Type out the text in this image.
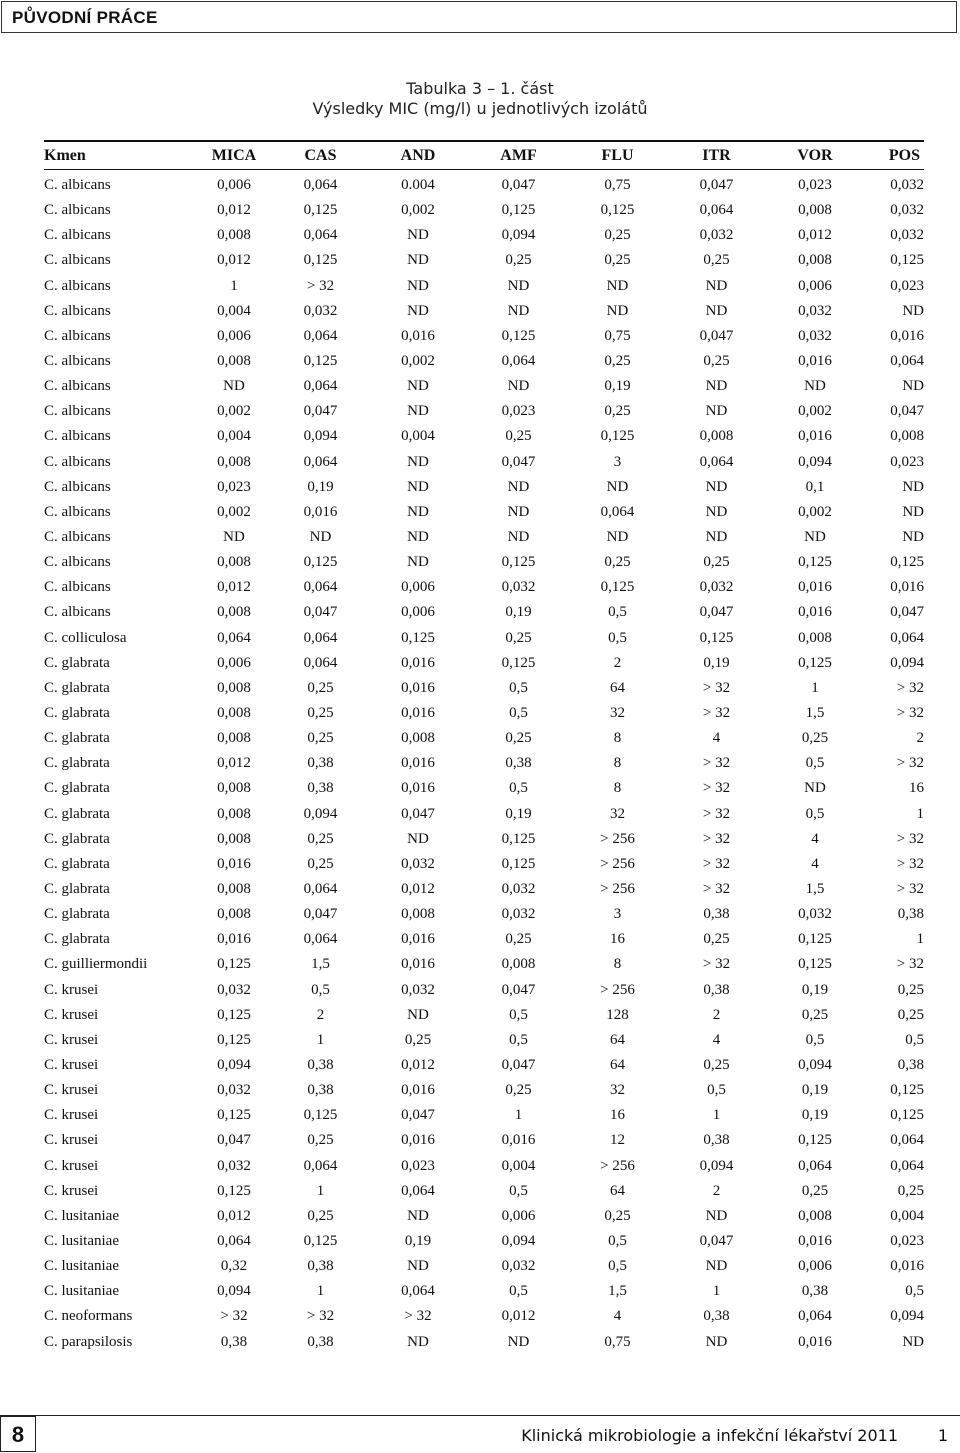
PŮVODNÍ PRÁCE
Tabulka 3 – 1. část
Výsledky MIC (mg/l) u jednotlivých izolátů
Kmen	MICA	CAS	AND	AMF	FLU	ITR	VOR	POS
C. albicans	0,006	0,064	0.004	0,047	0,75	0,047	0,023	0,032
C. albicans	0,012	0,125	0,002	0,125	0,125	0,064	0,008	0,032
C. albicans	0,008	0,064	ND	0,094	0,25	0,032	0,012	0,032
C. albicans	0,012	0,125	ND	0,25	0,25	0,25	0,008	0,125
C. albicans	1	> 32	ND	ND	ND	ND	0,006	0,023
C. albicans	0,004	0,032	ND	ND	ND	ND	0,032	ND
C. albicans	0,006	0,064	0,016	0,125	0,75	0,047	0,032	0,016
C. albicans	0,008	0,125	0,002	0,064	0,25	0,25	0,016	0,064
C. albicans	ND	0,064	ND	ND	0,19	ND	ND	ND
C. albicans	0,002	0,047	ND	0,023	0,25	ND	0,002	0,047
C. albicans	0,004	0,094	0,004	0,25	0,125	0,008	0,016	0,008
C. albicans	0,008	0,064	ND	0,047	3	0,064	0,094	0,023
C. albicans	0,023	0,19	ND	ND	ND	ND	0,1	ND
C. albicans	0,002	0,016	ND	ND	0,064	ND	0,002	ND
C. albicans	ND	ND	ND	ND	ND	ND	ND	ND
C. albicans	0,008	0,125	ND	0,125	0,25	0,25	0,125	0,125
C. albicans	0,012	0,064	0,006	0,032	0,125	0,032	0,016	0,016
C. albicans	0,008	0,047	0,006	0,19	0,5	0,047	0,016	0,047
C. colliculosa	0,064	0,064	0,125	0,25	0,5	0,125	0,008	0,064
C. glabrata	0,006	0,064	0,016	0,125	2	0,19	0,125	0,094
C. glabrata	0,008	0,25	0,016	0,5	64	> 32	1	> 32
C. glabrata	0,008	0,25	0,016	0,5	32	> 32	1,5	> 32
C. glabrata	0,008	0,25	0,008	0,25	8	4	0,25	2
C. glabrata	0,012	0,38	0,016	0,38	8	> 32	0,5	> 32
C. glabrata	0,008	0,38	0,016	0,5	8	> 32	ND	16
C. glabrata	0,008	0,094	0,047	0,19	32	> 32	0,5	1
C. glabrata	0,008	0,25	ND	0,125	> 256	> 32	4	> 32
C. glabrata	0,016	0,25	0,032	0,125	> 256	> 32	4	> 32
C. glabrata	0,008	0,064	0,012	0,032	> 256	> 32	1,5	> 32
C. glabrata	0,008	0,047	0,008	0,032	3	0,38	0,032	0,38
C. glabrata	0,016	0,064	0,016	0,25	16	0,25	0,125	1
C. guilliermondii	0,125	1,5	0,016	0,008	8	> 32	0,125	> 32
C. krusei	0,032	0,5	0,032	0,047	> 256	0,38	0,19	0,25
C. krusei	0,125	2	ND	0,5	128	2	0,25	0,25
C. krusei	0,125	1	0,25	0,5	64	4	0,5	0,5
C. krusei	0,094	0,38	0,012	0,047	64	0,25	0,094	0,38
C. krusei	0,032	0,38	0,016	0,25	32	0,5	0,19	0,125
C. krusei	0,125	0,125	0,047	1	16	1	0,19	0,125
C. krusei	0,047	0,25	0,016	0,016	12	0,38	0,125	0,064
C. krusei	0,032	0,064	0,023	0,004	> 256	0,094	0,064	0,064
C. krusei	0,125	1	0,064	0,5	64	2	0,25	0,25
C. lusitaniae	0,012	0,25	ND	0,006	0,25	ND	0,008	0,004
C. lusitaniae	0,064	0,125	0,19	0,094	0,5	0,047	0,016	0,023
C. lusitaniae	0,32	0,38	ND	0,032	0,5	ND	0,006	0,016
C. lusitaniae	0,094	1	0,064	0,5	1,5	1	0,38	0,5
C. neoformans	> 32	> 32	> 32	0,012	4	0,38	0,064	0,094
C. parapsilosis	0,38	0,38	ND	ND	0,75	ND	0,016	ND
8	Klinická mikrobiologie a infekční lékařství 2011 1
